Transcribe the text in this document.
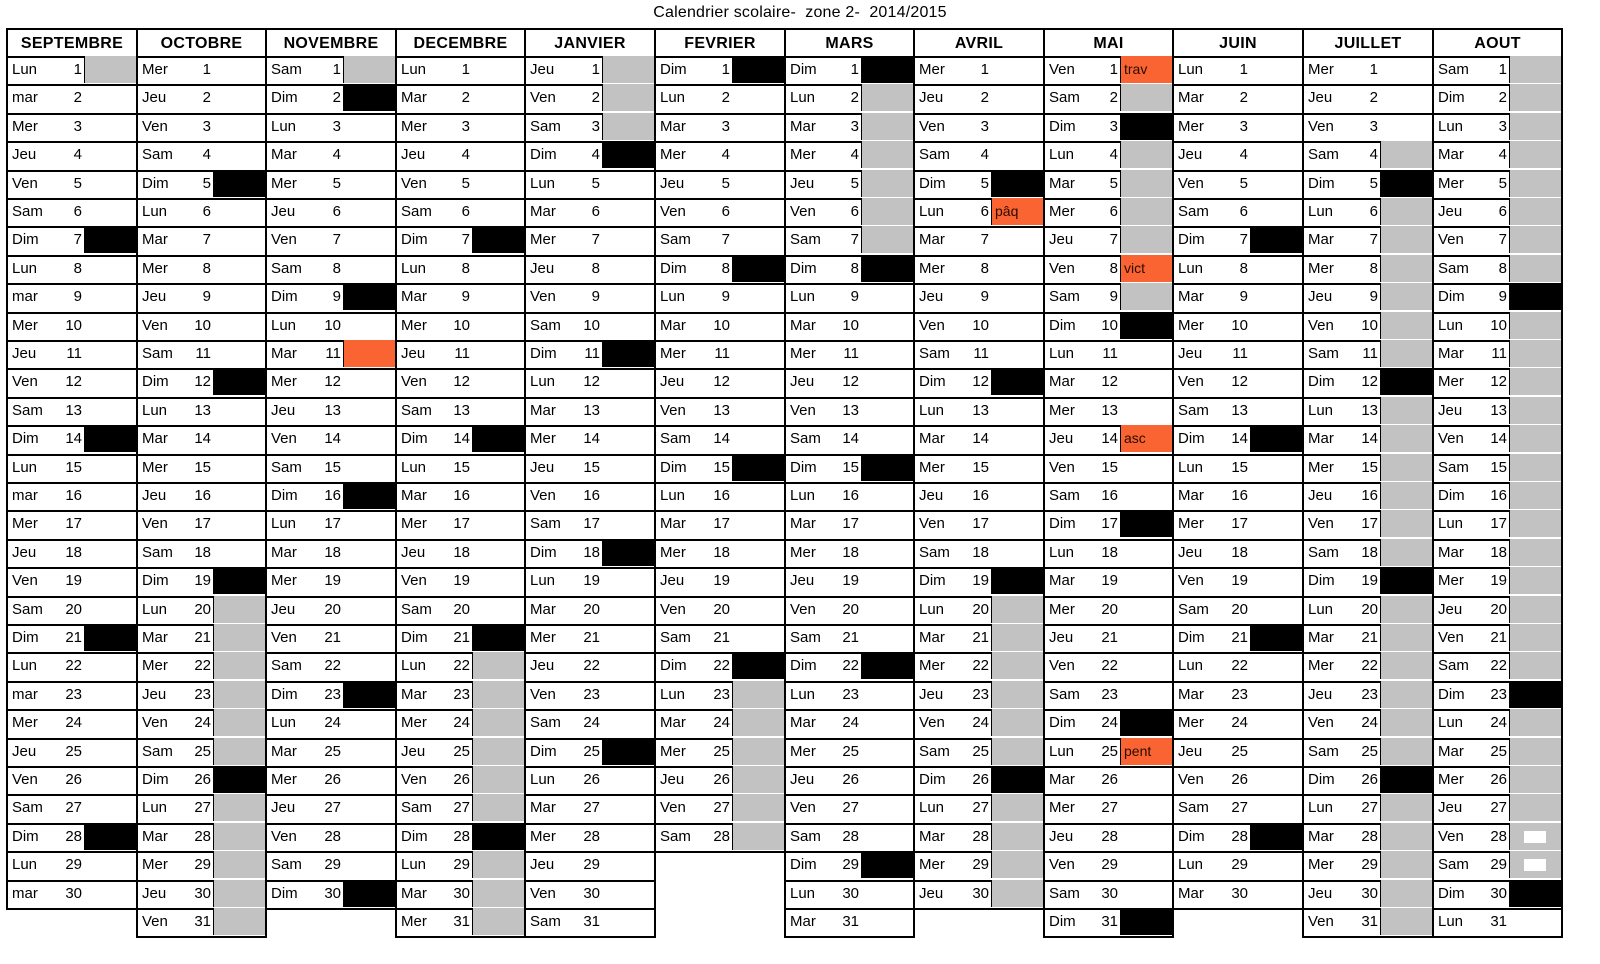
Calendrier scolaire-  zone 2-  2014/2015
SEPTEMBRE
Lun	1
mar	2
Mer	3
Jeu	4
Ven	5
Sam	6
Dim	7
Lun	8
mar	9
Mer	10
Jeu	11
Ven	12
Sam	13
Dim	14
Lun	15
mar	16
Mer	17
Jeu	18
Ven	19
Sam	20
Dim	21
Lun	22
mar	23
Mer	24
Jeu	25
Ven	26
Sam	27
Dim	28
Lun	29
mar	30
OCTOBRE
Mer	1
Jeu	2
Ven	3
Sam	4
Dim	5
Lun	6
Mar	7
Mer	8
Jeu	9
Ven	10
Sam	11
Dim	12
Lun	13
Mar	14
Mer	15
Jeu	16
Ven	17
Sam	18
Dim	19
Lun	20
Mar	21
Mer	22
Jeu	23
Ven	24
Sam	25
Dim	26
Lun	27
Mar	28
Mer	29
Jeu	30
Ven	31
NOVEMBRE
Sam	1
Dim	2
Lun	3
Mar	4
Mer	5
Jeu	6
Ven	7
Sam	8
Dim	9
Lun	10
Mar	11
Mer	12
Jeu	13
Ven	14
Sam	15
Dim	16
Lun	17
Mar	18
Mer	19
Jeu	20
Ven	21
Sam	22
Dim	23
Lun	24
Mar	25
Mer	26
Jeu	27
Ven	28
Sam	29
Dim	30
DECEMBRE
Lun	1
Mar	2
Mer	3
Jeu	4
Ven	5
Sam	6
Dim	7
Lun	8
Mar	9
Mer	10
Jeu	11
Ven	12
Sam	13
Dim	14
Lun	15
Mar	16
Mer	17
Jeu	18
Ven	19
Sam	20
Dim	21
Lun	22
Mar	23
Mer	24
Jeu	25
Ven	26
Sam	27
Dim	28
Lun	29
Mar	30
Mer	31
JANVIER
Jeu	1
Ven	2
Sam	3
Dim	4
Lun	5
Mar	6
Mer	7
Jeu	8
Ven	9
Sam	10
Dim	11
Lun	12
Mar	13
Mer	14
Jeu	15
Ven	16
Sam	17
Dim	18
Lun	19
Mar	20
Mer	21
Jeu	22
Ven	23
Sam	24
Dim	25
Lun	26
Mar	27
Mer	28
Jeu	29
Ven	30
Sam	31
FEVRIER
Dim	1
Lun	2
Mar	3
Mer	4
Jeu	5
Ven	6
Sam	7
Dim	8
Lun	9
Mar	10
Mer	11
Jeu	12
Ven	13
Sam	14
Dim	15
Lun	16
Mar	17
Mer	18
Jeu	19
Ven	20
Sam	21
Dim	22
Lun	23
Mar	24
Mer	25
Jeu	26
Ven	27
Sam	28
MARS
Dim	1
Lun	2
Mar	3
Mer	4
Jeu	5
Ven	6
Sam	7
Dim	8
Lun	9
Mar	10
Mer	11
Jeu	12
Ven	13
Sam	14
Dim	15
Lun	16
Mar	17
Mer	18
Jeu	19
Ven	20
Sam	21
Dim	22
Lun	23
Mar	24
Mer	25
Jeu	26
Ven	27
Sam	28
Dim	29
Lun	30
Mar	31
AVRIL
Mer	1
Jeu	2
Ven	3
Sam	4
Dim	5
Lun	6 pâq
Mar	7
Mer	8
Jeu	9
Ven	10
Sam	11
Dim	12
Lun	13
Mar	14
Mer	15
Jeu	16
Ven	17
Sam	18
Dim	19
Lun	20
Mar	21
Mer	22
Jeu	23
Ven	24
Sam	25
Dim	26
Lun	27
Mar	28
Mer	29
Jeu	30
MAI
Ven	1 trav
Sam	2
Dim	3
Lun	4
Mar	5
Mer	6
Jeu	7
Ven	8 vict
Sam	9
Dim	10
Lun	11
Mar	12
Mer	13
Jeu	14 asc
Ven	15
Sam	16
Dim	17
Lun	18
Mar	19
Mer	20
Jeu	21
Ven	22
Sam	23
Dim	24
Lun	25 pent
Mar	26
Mer	27
Jeu	28
Ven	29
Sam	30
Dim	31
JUIN
Lun	1
Mar	2
Mer	3
Jeu	4
Ven	5
Sam	6
Dim	7
Lun	8
Mar	9
Mer	10
Jeu	11
Ven	12
Sam	13
Dim	14
Lun	15
Mar	16
Mer	17
Jeu	18
Ven	19
Sam	20
Dim	21
Lun	22
Mar	23
Mer	24
Jeu	25
Ven	26
Sam	27
Dim	28
Lun	29
Mar	30
JUILLET
Mer	1
Jeu	2
Ven	3
Sam	4
Dim	5
Lun	6
Mar	7
Mer	8
Jeu	9
Ven	10
Sam	11
Dim	12
Lun	13
Mar	14
Mer	15
Jeu	16
Ven	17
Sam	18
Dim	19
Lun	20
Mar	21
Mer	22
Jeu	23
Ven	24
Sam	25
Dim	26
Lun	27
Mar	28
Mer	29
Jeu	30
Ven	31
AOUT
Sam	1
Dim	2
Lun	3
Mar	4
Mer	5
Jeu	6
Ven	7
Sam	8
Dim	9
Lun	10
Mar	11
Mer	12
Jeu	13
Ven	14
Sam	15
Dim	16
Lun	17
Mar	18
Mer	19
Jeu	20
Ven	21
Sam	22
Dim	23
Lun	24
Mar	25
Mer	26
Jeu	27
Ven	28
Sam	29
Dim	30
Lun	31
